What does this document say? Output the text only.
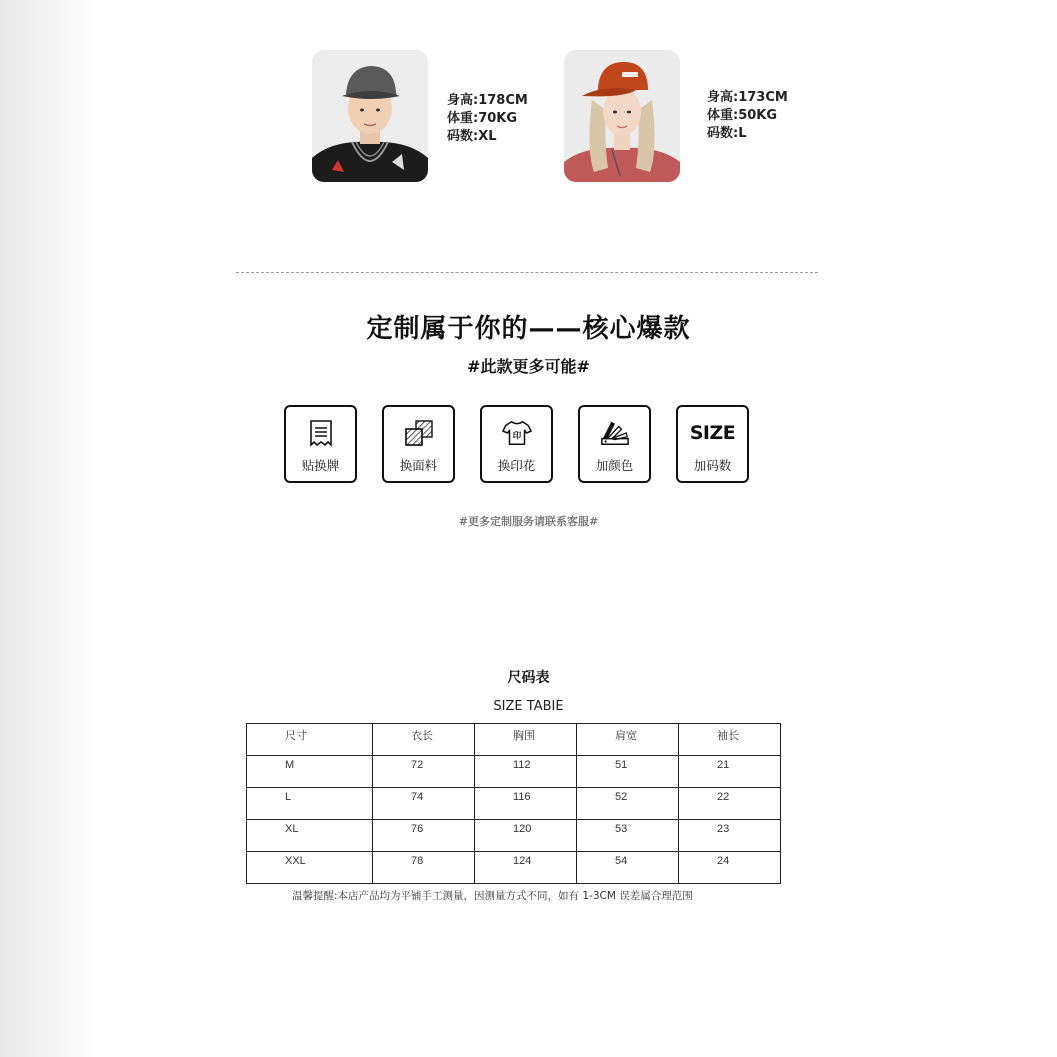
身高: 178CM
体重: 70KG
码数: XL
身高: 173CM
体重: 50KG
码数: L
定制属于你的——核心爆款
#此款更多可能#
贴换牌	换面料
印
换印花	加颜色
SIZE
加码数
#更多定制服务请联系客服#
尺码表
SIZE TABIE
尺寸	衣长	胸围	肩宽	袖长

M	72	112	51	21

L	74	116	52	22

XL	76	120	53	23

XXL	78	124	54	24
温馨提醒:本店产品均为平铺手工测量，因测量方式不同，如有 1-3CM 误差属合理范围
